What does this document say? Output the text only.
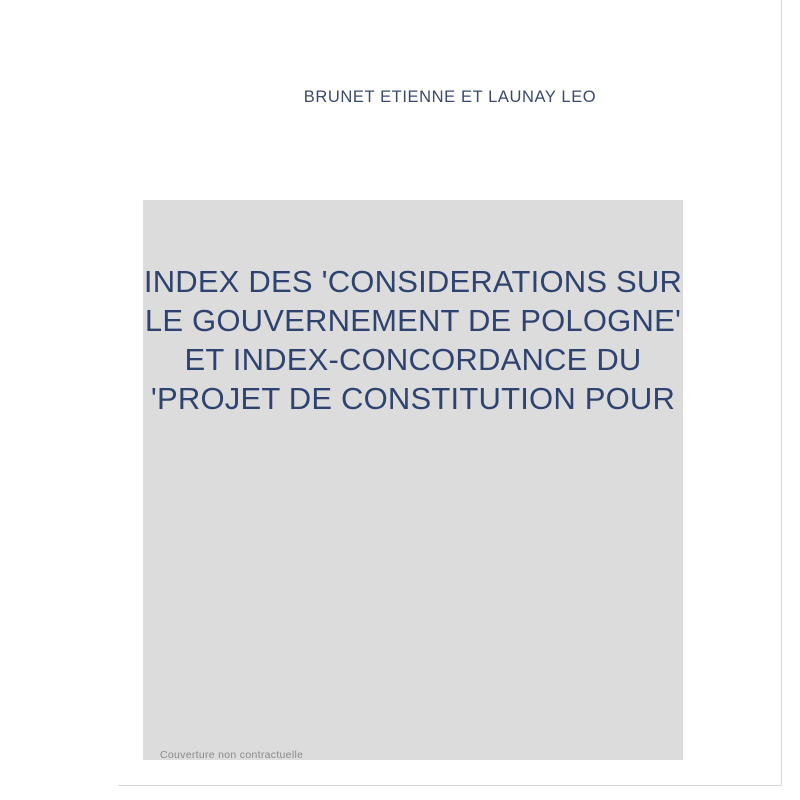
BRUNET ETIENNE ET LAUNAY LEO
INDEX DES 'CONSIDERATIONS SUR LE GOUVERNEMENT DE POLOGNE' ET INDEX-CONCORDANCE DU 'PROJET DE CONSTITUTION POUR
Couverture non contractuelle
